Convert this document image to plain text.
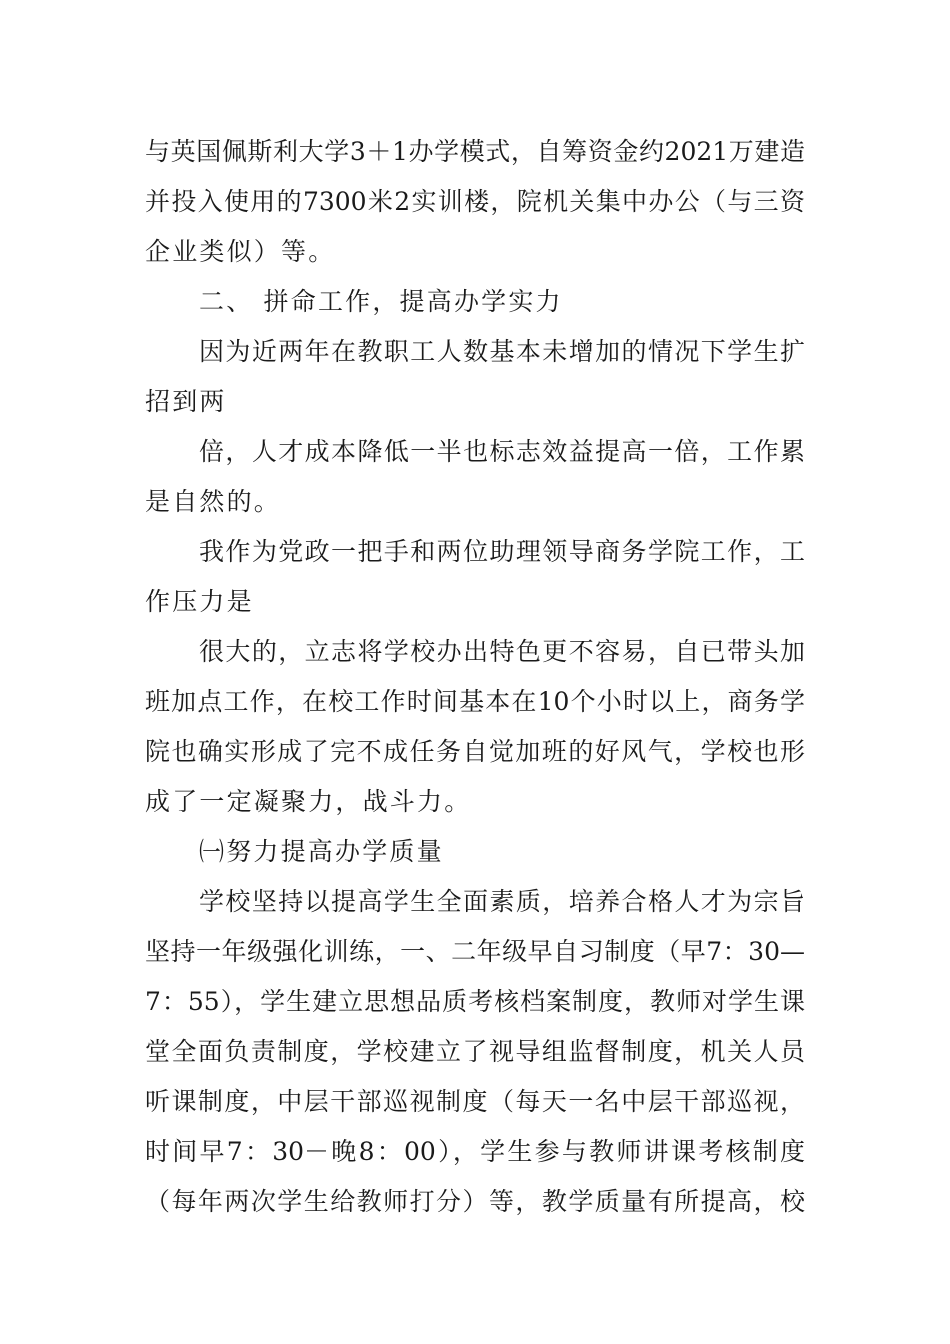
与英国佩斯利大学3＋1办学模式，自筹资金约2021万建造
并投入使用的7300米2实训楼，院机关集中办公（与三资
企业类似）等。
二、 拼命工作，提高办学实力
因为近两年在教职工人数基本未增加的情况下学生扩
招到两
倍，人才成本降低一半也标志效益提高一倍，工作累
是自然的。
我作为党政一把手和两位助理领导商务学院工作，工
作压力是
很大的，立志将学校办出特色更不容易，自已带头加
班加点工作，在校工作时间基本在10个小时以上，商务学
院也确实形成了完不成任务自觉加班的好风气，学校也形
成了一定凝聚力，战斗力。
㈠努力提高办学质量
学校坚持以提高学生全面素质，培养合格人才为宗旨
坚持一年级强化训练，一、二年级早自习制度（早7：30—
7：55），学生建立思想品质考核档案制度，教师对学生课
堂全面负责制度，学校建立了视导组监督制度，机关人员
听课制度，中层干部巡视制度（每天一名中层干部巡视，
时间早7：30－晚8：00），学生参与教师讲课考核制度
（每年两次学生给教师打分）等，教学质量有所提高，校
